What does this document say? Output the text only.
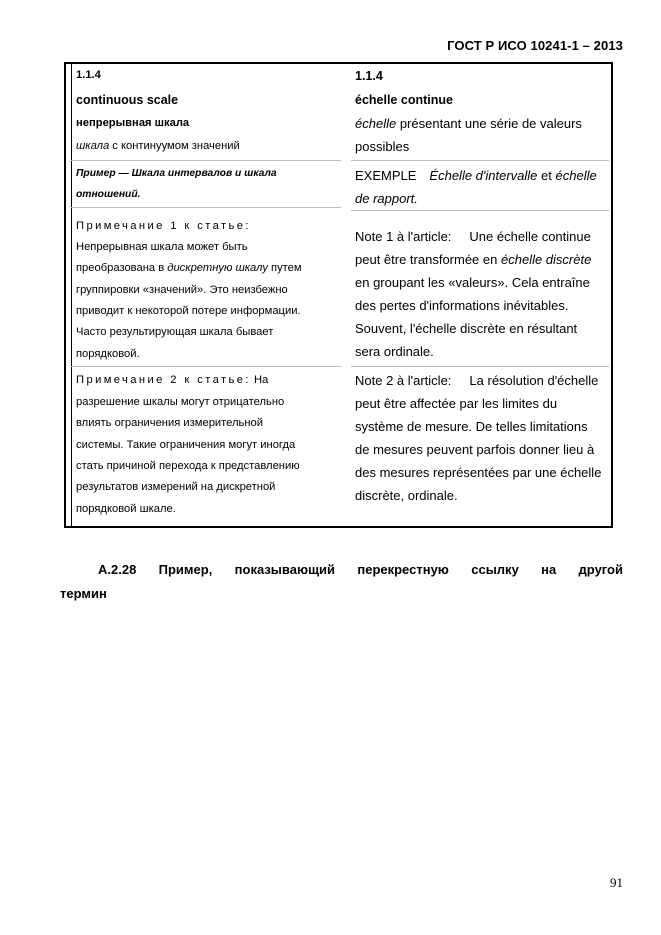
ГОСТ Р ИСО 10241-1 – 2013
1.1.4
continuous scale
непрерывная шкала
шкала с континуумом значений
Пример — Шкала интервалов и шкала
отношений.
Примечание 1 к статье:
Непрерывная шкала может быть
преобразована в дискретную шкалу путем
группировки «значений». Это неизбежно
приводит к некоторой потере информации.
Часто результирующая шкала бывает
порядковой.
Примечание 2 к статье: На
разрешение шкалы могут отрицательно
влиять ограничения измерительной
системы. Такие ограничения могут иногда
стать причиной перехода к представлению
результатов измерений на дискретной
порядковой шкале.
1.1.4
échelle continue
échelle présentant une série de valeurs
possibles
EXEMPLE Échelle d'intervalle et échelle
de rapport.
Note 1 à l'article: Une échelle continue
peut être transformée en échelle discrète
en groupant les «valeurs». Cela entraîne
des pertes d'informations inévitables.
Souvent, l'échelle discrète en résultant
sera ordinale.
Note 2 à l'article: La résolution d'échelle
peut être affectée par les limites du
système de mesure. De telles limitations
de mesures peuvent parfois donner lieu à
des mesures représentées par une échelle
discrète, ordinale.
A.2.28 Пример, показывающий перекрестную ссылку на другой
термин
91
